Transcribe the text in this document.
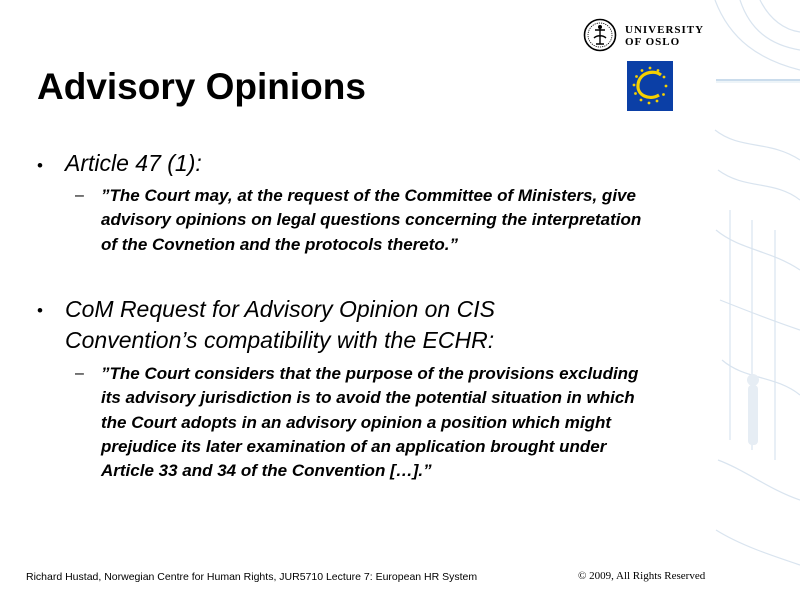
UNIVERSITY
OF OSLO
Advisory Opinions
• Article 47 (1):
– ”The Court may, at the request of the Committee of Ministers, give
advisory opinions on legal questions concerning the interpretation
of the Covnetion and the protocols thereto.”
• CoM Request for Advisory Opinion on CIS
Convention’s compatibility with the ECHR:
– ”The Court considers that the purpose of the provisions excluding
its advisory jurisdiction is to avoid the potential situation in which
the Court adopts in an advisory opinion a position which might
prejudice its later examination of an application brought under
Article 33 and 34 of the Convention […].”
Richard Hustad, Norwegian Centre for Human Rights, JUR5710 Lecture 7: European HR System	© 2009, All Rights Reserved
